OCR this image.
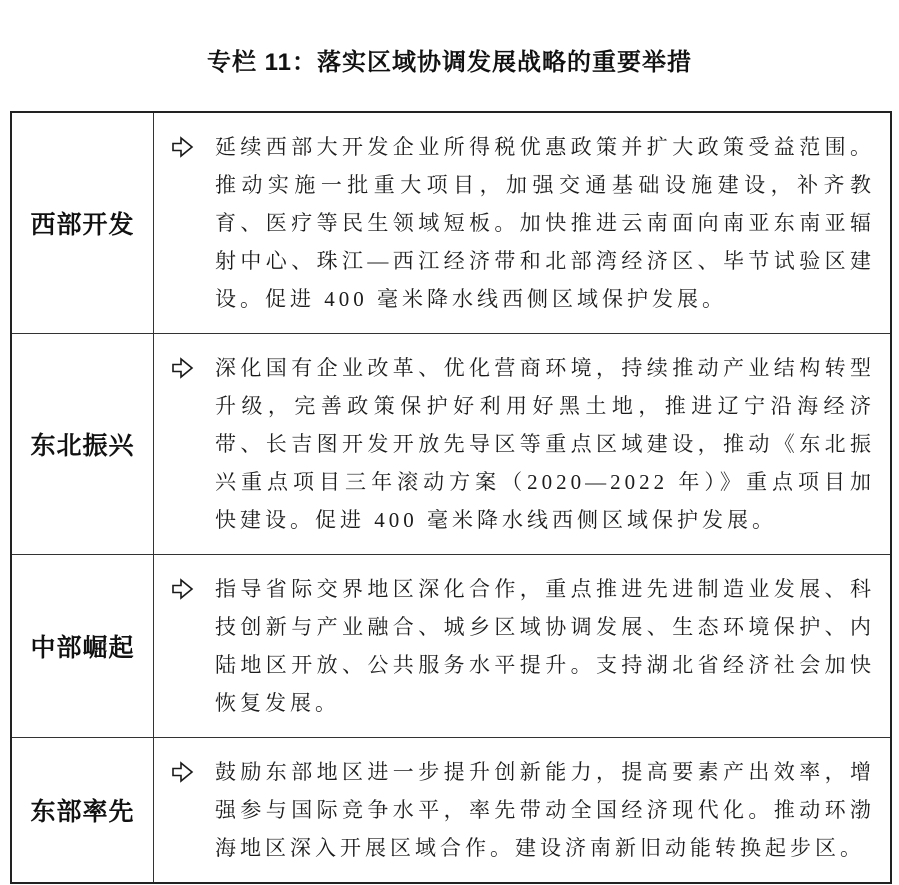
专栏 11：落实区域协调发展战略的重要举措
西部开发
延续西部大开发企业所得税优惠政策并扩大政策受益范围。推动实施一批重大项目，加强交通基础设施建设，补齐教育、医疗等民生领域短板。加快推进云南面向南亚东南亚辐射中心、珠江—西江经济带和北部湾经济区、毕节试验区建设。促进 400 毫米降水线西侧区域保护发展。
东北振兴
深化国有企业改革、优化营商环境，持续推动产业结构转型升级，完善政策保护好利用好黑土地，推进辽宁沿海经济带、长吉图开发开放先导区等重点区域建设，推动《东北振兴重点项目三年滚动方案（2020—2022 年）》重点项目加快建设。促进 400 毫米降水线西侧区域保护发展。
中部崛起
指导省际交界地区深化合作，重点推进先进制造业发展、科技创新与产业融合、城乡区域协调发展、生态环境保护、内陆地区开放、公共服务水平提升。支持湖北省经济社会加快恢复发展。
东部率先
鼓励东部地区进一步提升创新能力，提高要素产出效率，增强参与国际竞争水平，率先带动全国经济现代化。推动环渤海地区深入开展区域合作。建设济南新旧动能转换起步区。
